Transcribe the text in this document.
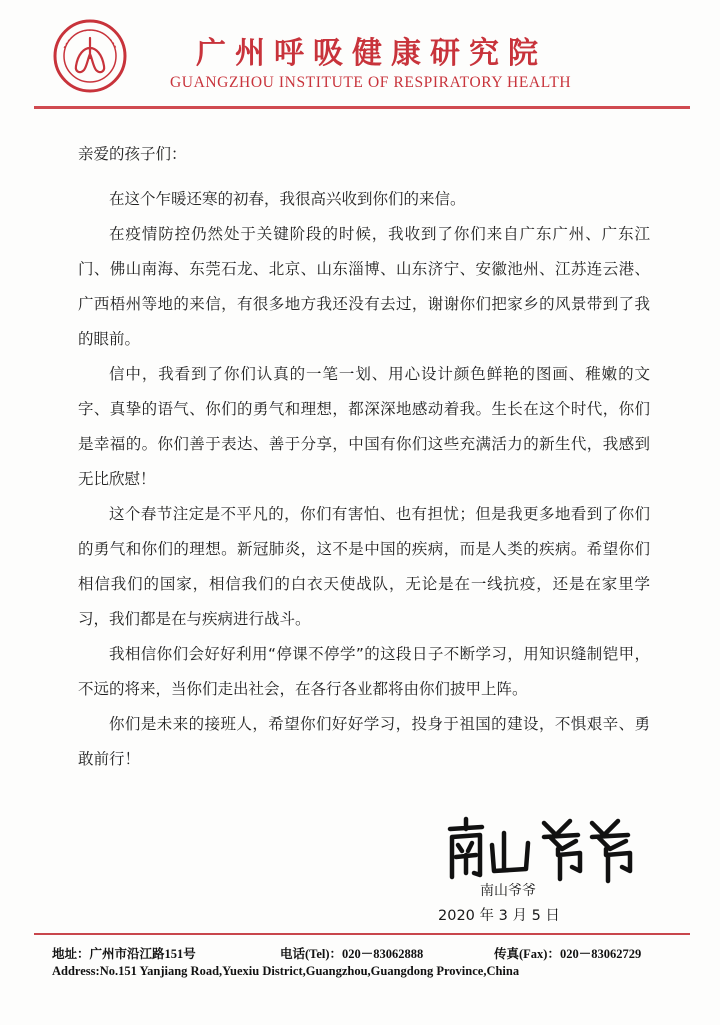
广州呼吸健康研究院
GUANGZHOU INSTITUTE OF RESPIRATORY HEALTH

亲爱的孩子们：

在这个乍暖还寒的初春，我很高兴收到你们的来信。

在疫情防控仍然处于关键阶段的时候，我收到了你们来自广东广州、广东江门、佛山南海、东莞石龙、北京、山东淄博、山东济宁、安徽池州、江苏连云港、广西梧州等地的来信，有很多地方我还没有去过，谢谢你们把家乡的风景带到了我的眼前。

信中，我看到了你们认真的一笔一划、用心设计颜色鲜艳的图画、稚嫩的文字、真挚的语气、你们的勇气和理想，都深深地感动着我。生长在这个时代，你们是幸福的。你们善于表达、善于分享，中国有你们这些充满活力的新生代，我感到无比欣慰！

这个春节注定是不平凡的，你们有害怕、也有担忧；但是我更多地看到了你们的勇气和你们的理想。新冠肺炎，这不是中国的疾病，而是人类的疾病。希望你们相信我们的国家，相信我们的白衣天使战队，无论是在一线抗疫，还是在家里学习，我们都是在与疾病进行战斗。

我相信你们会好好利用“停课不停学”的这段日子不断学习，用知识缝制铠甲，不远的将来，当你们走出社会，在各行各业都将由你们披甲上阵。

你们是未来的接班人，希望你们好好学习，投身于祖国的建设，不惧艰辛、勇敢前行！

南山爷爷
2020 年 3 月 5 日
地址：广州市沿江路151号	电话(Tel)：020－83062888	传真(Fax)：020－83062729
Address:No.151 Yanjiang Road,Yuexiu District,Guangzhou,Guangdong Province,China
